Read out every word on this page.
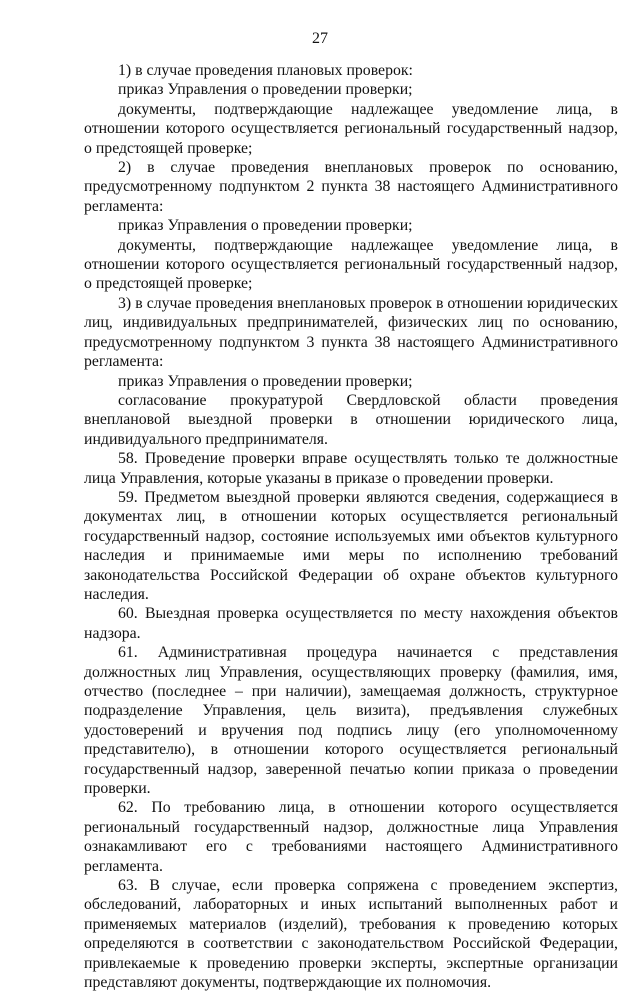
27

1) в случае проведения плановых проверок:

приказ Управления о проведении проверки;

документы, подтверждающие надлежащее уведомление лица, в отношении которого осуществляется региональный государственный надзор, о предстоящей проверке;

2) в случае проведения внеплановых проверок по основанию, предусмотренному подпунктом 2 пункта 38 настоящего Административного регламента:

приказ Управления о проведении проверки;

документы, подтверждающие надлежащее уведомление лица, в отношении которого осуществляется региональный государственный надзор, о предстоящей проверке;

3) в случае проведения внеплановых проверок в отношении юридических лиц, индивидуальных предпринимателей, физических лиц по основанию, предусмотренному подпунктом 3 пункта 38 настоящего Административного регламента:

приказ Управления о проведении проверки;

согласование прокуратурой Свердловской области проведения внеплановой выездной проверки в отношении юридического лица, индивидуального предпринимателя.

58. Проведение проверки вправе осуществлять только те должностные лица Управления, которые указаны в приказе о проведении проверки.

59. Предметом выездной проверки являются сведения, содержащиеся в документах лиц, в отношении которых осуществляется региональный государственный надзор, состояние используемых ими объектов культурного наследия и принимаемые ими меры по исполнению требований законодательства Российской Федерации об охране объектов культурного наследия.

60. Выездная проверка осуществляется по месту нахождения объектов надзора.

61. Административная процедура начинается с представления должностных лиц Управления, осуществляющих проверку (фамилия, имя, отчество (последнее – при наличии), замещаемая должность, структурное подразделение Управления, цель визита), предъявления служебных удостоверений и вручения под подпись лицу (его уполномоченному представителю), в отношении которого осуществляется региональный государственный надзор, заверенной печатью копии приказа о проведении проверки.

62. По требованию лица, в отношении которого осуществляется региональный государственный надзор, должностные лица Управления ознакамливают его с требованиями настоящего Административного регламента.

63. В случае, если проверка сопряжена с проведением экспертиз, обследований, лабораторных и иных испытаний выполненных работ и применяемых материалов (изделий), требования к проведению которых определяются в соответствии с законодательством Российской Федерации, привлекаемые к проведению проверки эксперты, экспертные организации представляют документы, подтверждающие их полномочия.
